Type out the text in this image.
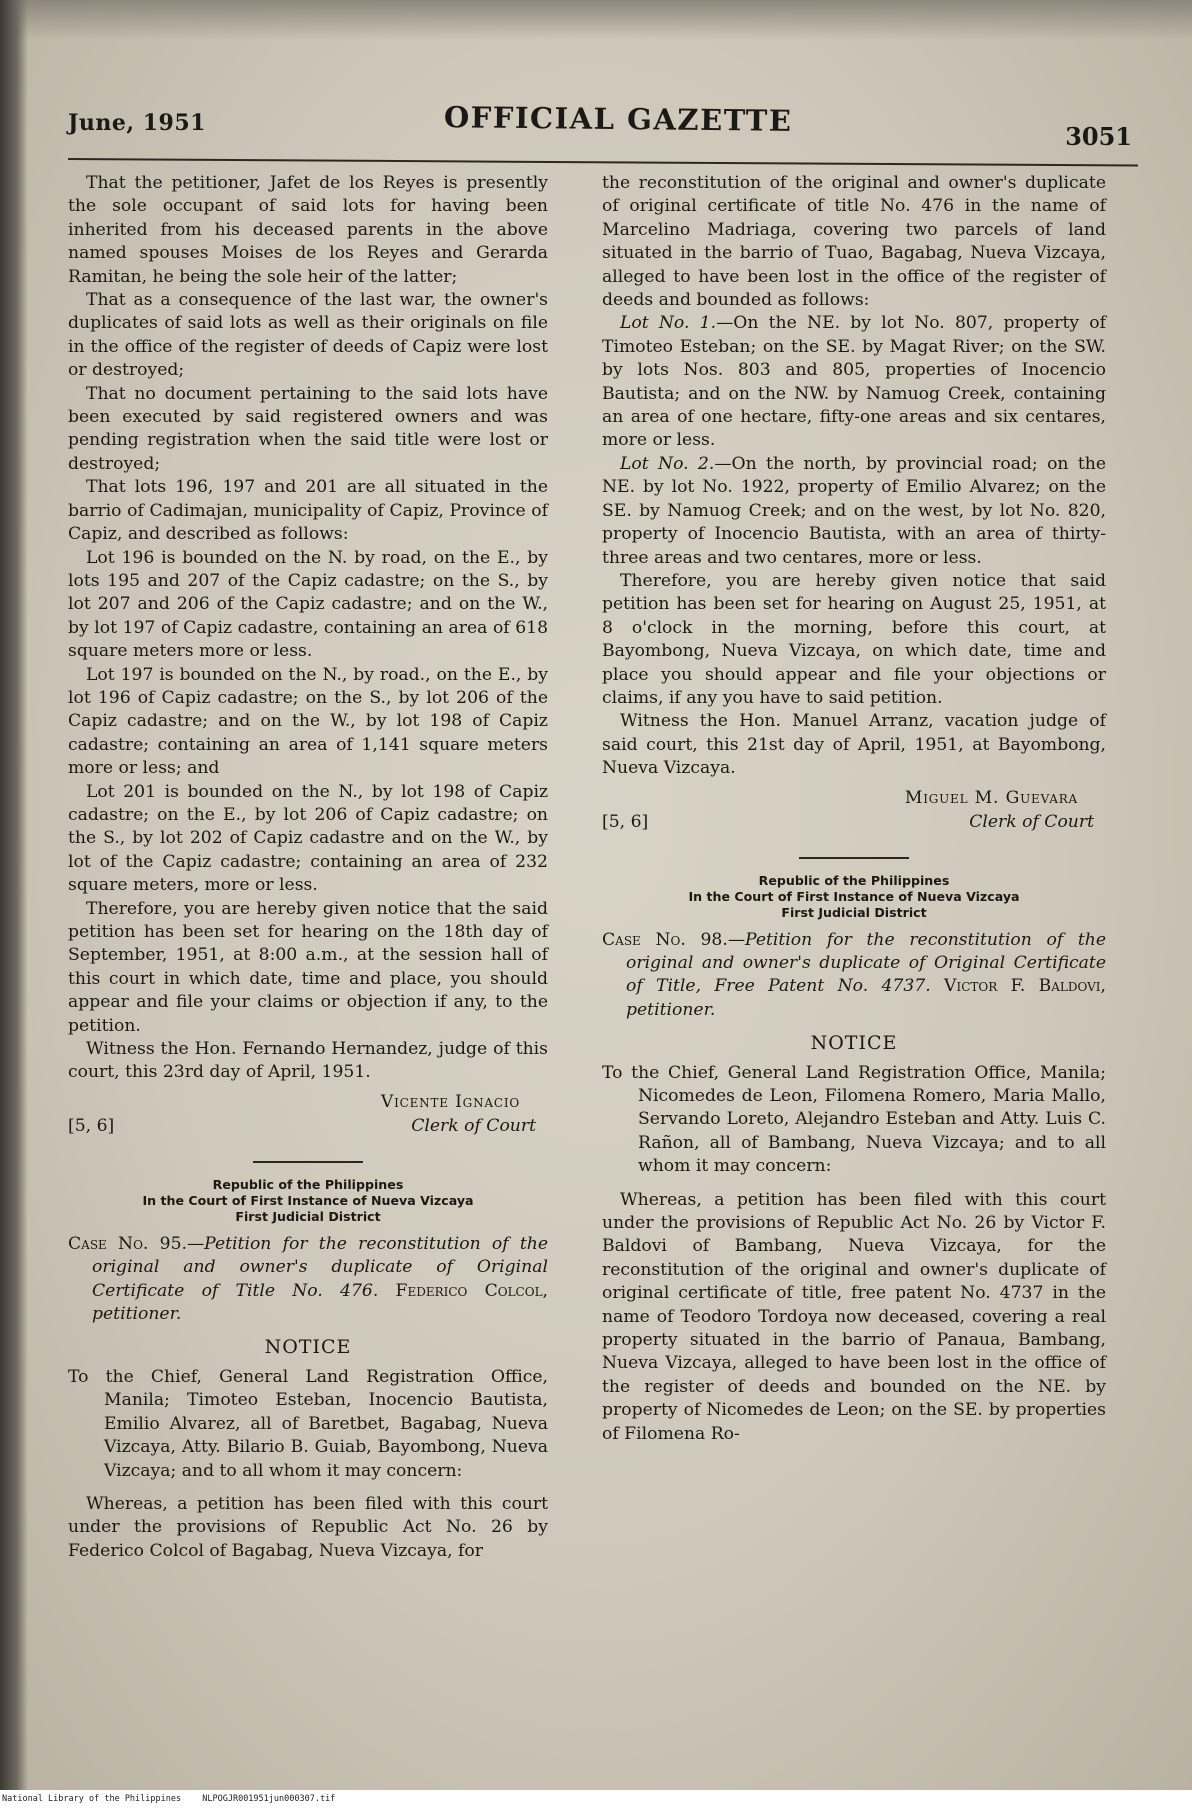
June, 1951	OFFICIAL GAZETTE	3051

That the petitioner, Jafet de los Reyes is presently the sole occupant of said lots for having been inherited from his deceased parents in the above named spouses Moises de los Reyes and Gerarda Ramitan, he being the sole heir of the latter;

That as a consequence of the last war, the owner's duplicates of said lots as well as their originals on file in the office of the register of deeds of Capiz were lost or destroyed;

That no document pertaining to the said lots have been executed by said registered owners and was pending registration when the said title were lost or destroyed;

That lots 196, 197 and 201 are all situated in the barrio of Cadimajan, municipality of Capiz, Province of Capiz, and described as follows:

Lot 196 is bounded on the N. by road, on the E., by lots 195 and 207 of the Capiz cadastre; on the S., by lot 207 and 206 of the Capiz cadastre; and on the W., by lot 197 of Capiz cadastre, containing an area of 618 square meters more or less.

Lot 197 is bounded on the N., by road., on the E., by lot 196 of Capiz cadastre; on the S., by lot 206 of the Capiz cadastre; and on the W., by lot 198 of Capiz cadastre; containing an area of 1,141 square meters more or less; and

Lot 201 is bounded on the N., by lot 198 of Capiz cadastre; on the E., by lot 206 of Capiz cadastre; on the S., by lot 202 of Capiz cadastre and on the W., by lot of the Capiz cadastre; containing an area of 232 square meters, more or less.

Therefore, you are hereby given notice that the said petition has been set for hearing on the 18th day of September, 1951, at 8:00 a.m., at the session hall of this court in which date, time and place, you should appear and file your claims or objection if any, to the petition.

Witness the Hon. Fernando Hernandez, judge of this court, this 23rd day of April, 1951.

Vicente Ignacio
[5, 6]	Clerk of Court
Republic of the Philippines
In the Court of First Instance of Nueva Vizcaya
First Judicial District
Case No. 95.—Petition for the reconstitution of the original and owner's duplicate of Original Certificate of Title No. 476. Federico Colcol, petitioner.
NOTICE
To the Chief, General Land Registration Office, Manila; Timoteo Esteban, Inocencio Bautista, Emilio Alvarez, all of Baretbet, Bagabag, Nueva Vizcaya, Atty. Bilario B. Guiab, Bayombong, Nueva Vizcaya; and to all whom it may concern:

Whereas, a petition has been filed with this court under the provisions of Republic Act No. 26 by Federico Colcol of Bagabag, Nueva Vizcaya, for

the reconstitution of the original and owner's duplicate of original certificate of title No. 476 in the name of Marcelino Madriaga, covering two parcels of land situated in the barrio of Tuao, Bagabag, Nueva Vizcaya, alleged to have been lost in the office of the register of deeds and bounded as follows:

Lot No. 1.—On the NE. by lot No. 807, property of Timoteo Esteban; on the SE. by Magat River; on the SW. by lots Nos. 803 and 805, properties of Inocencio Bautista; and on the NW. by Namuog Creek, containing an area of one hectare, fifty-one areas and six centares, more or less.

Lot No. 2.—On the north, by provincial road; on the NE. by lot No. 1922, property of Emilio Alvarez; on the SE. by Namuog Creek; and on the west, by lot No. 820, property of Inocencio Bautista, with an area of thirty-three areas and two centares, more or less.

Therefore, you are hereby given notice that said petition has been set for hearing on August 25, 1951, at 8 o'clock in the morning, before this court, at Bayombong, Nueva Vizcaya, on which date, time and place you should appear and file your objections or claims, if any you have to said petition.

Witness the Hon. Manuel Arranz, vacation judge of said court, this 21st day of April, 1951, at Bayombong, Nueva Vizcaya.

Miguel M. Guevara
[5, 6]	Clerk of Court
Republic of the Philippines
In the Court of First Instance of Nueva Vizcaya
First Judicial District
Case No. 98.—Petition for the reconstitution of the original and owner's duplicate of Original Certificate of Title, Free Patent No. 4737. Victor F. Baldovi, petitioner.
NOTICE
To the Chief, General Land Registration Office, Manila; Nicomedes de Leon, Filomena Romero, Maria Mallo, Servando Loreto, Alejandro Esteban and Atty. Luis C. Rañon, all of Bambang, Nueva Vizcaya; and to all whom it may concern:

Whereas, a petition has been filed with this court under the provisions of Republic Act No. 26 by Victor F. Baldovi of Bambang, Nueva Vizcaya, for the reconstitution of the original and owner's duplicate of original certificate of title, free patent No. 4737 in the name of Teodoro Tordoya now deceased, covering a real property situated in the barrio of Panaua, Bambang, Nueva Vizcaya, alleged to have been lost in the office of the register of deeds and bounded on the NE. by property of Nicomedes de Leon; on the SE. by properties of Filomena Ro-

National Library of the Philippines NLPOGJR001951jun000307.tif
